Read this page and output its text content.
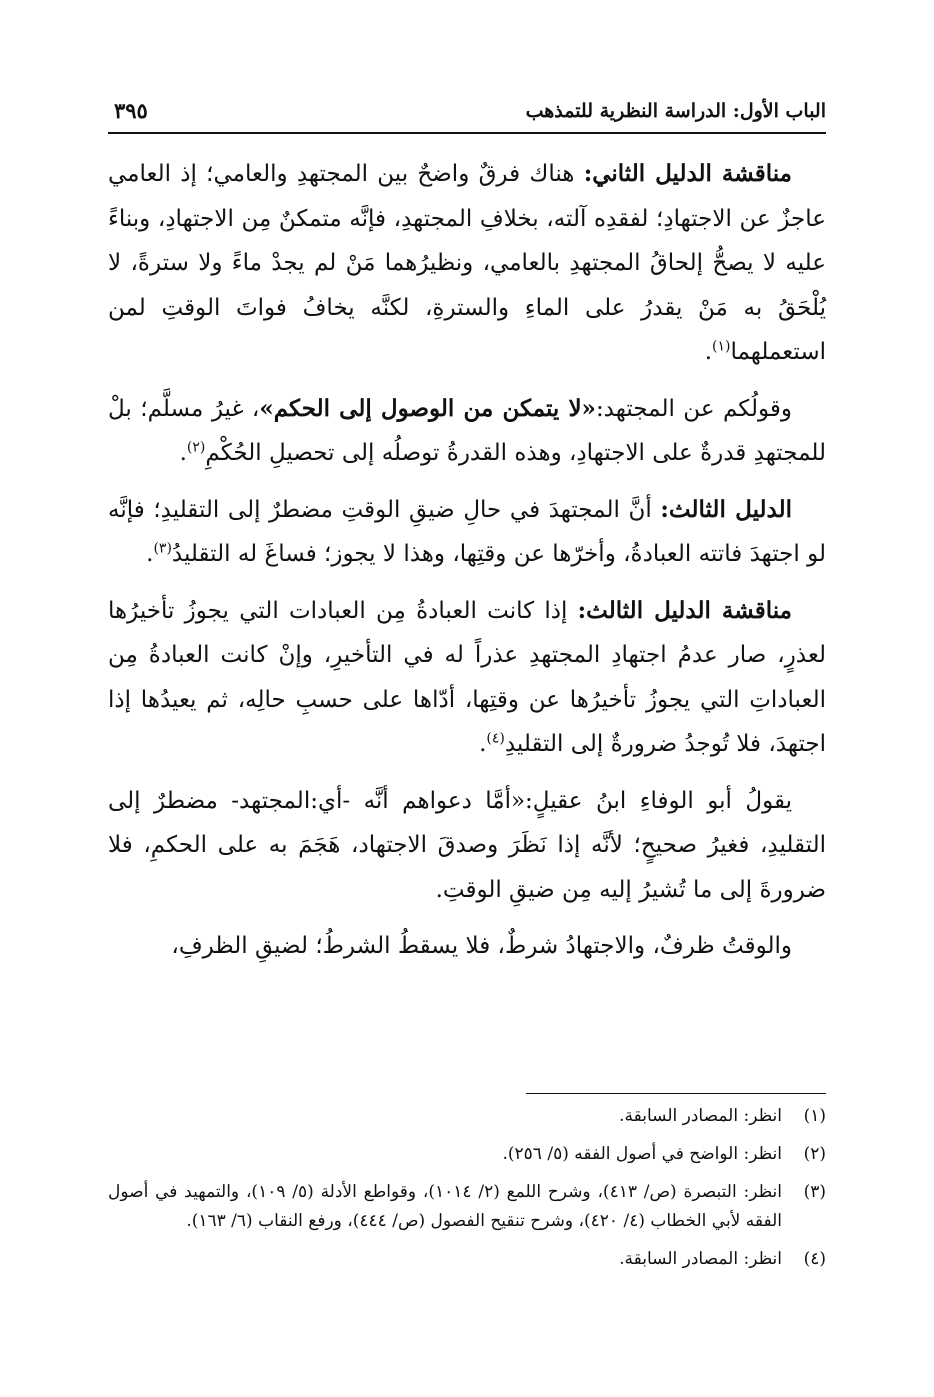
الباب الأول: الدراسة النظرية للتمذهب
٣٩٥

مناقشة الدليل الثاني: هناك فرقٌ واضحٌ بين المجتهدِ والعامي؛ إذ العامي عاجزٌ عن الاجتهادِ؛ لفقدِه آلته، بخلافِ المجتهدِ، فإنَّه متمكنٌ مِن الاجتهادِ، وبناءً عليه لا يصحُّ إلحاقُ المجتهدِ بالعامي، ونظيرُهما مَنْ لم يجدْ ماءً ولا سترةً، لا يُلْحَقُ به مَنْ يقدرُ على الماءِ والسترةِ، لكنَّه يخافُ فواتَ الوقتِ لمن استعملهما$^{(١)}$.

وقولُكم عن المجتهد:«لا يتمكن من الوصول إلى الحكم»، غيرُ مسلَّم؛ بلْ للمجتهدِ قدرةٌ على الاجتهادِ، وهذه القدرةُ توصلُه إلى تحصيلِ الحُكْمِ$^{(٢)}$.

الدليل الثالث: أنَّ المجتهدَ في حالِ ضيقِ الوقتِ مضطرٌ إلى التقليدِ؛ فإنَّه لو اجتهدَ فاتته العبادةُ، وأخرّها عن وقتِها، وهذا لا يجوز؛ فساغَ له التقليدُ$^{(٣)}$.

مناقشة الدليل الثالث: إذا كانت العبادةُ مِن العبادات التي يجوزُ تأخيرُها لعذرٍ، صار عدمُ اجتهادِ المجتهدِ عذراً له في التأخيرِ، وإنْ كانت العبادةُ مِن العباداتِ التي يجوزُ تأخيرُها عن وقتِها، أدّاها على حسبِ حالِه، ثم يعيدُها إذا اجتهدَ، فلا تُوجدُ ضرورةٌ إلى التقليدِ$^{(٤)}$.

يقولُ أبو الوفاءِ ابنُ عقيلٍ:«أمَّا دعواهم أنَّه -أي:المجتهد- مضطرٌ إلى التقليدِ، فغيرُ صحيحٍ؛ لأنَّه إذا نَظَرَ وصدقَ الاجتهاد، هَجَمَ به على الحكمِ، فلا ضرورةَ إلى ما تُشيرُ إليه مِن ضيقِ الوقتِ.

والوقتُ ظرفٌ، والاجتهادُ شرطٌ، فلا يسقطُ الشرطُ؛ لضيقِ الظرفِ،

(١)
انظر: المصادر السابقة.
(٢)
انظر: الواضح في أصول الفقه (٥/ ٢٥٦).
(٣)
انظر: التبصرة (ص/ ٤١٣)، وشرح اللمع (٢/ ١٠١٤)، وقواطع الأدلة (٥/ ١٠٩)، والتمهيد في أصول الفقه لأبي الخطاب (٤/ ٤٢٠)، وشرح تنقيح الفصول (ص/ ٤٤٤)، ورفع النقاب (٦/ ١٦٣).
(٤)
انظر: المصادر السابقة.
